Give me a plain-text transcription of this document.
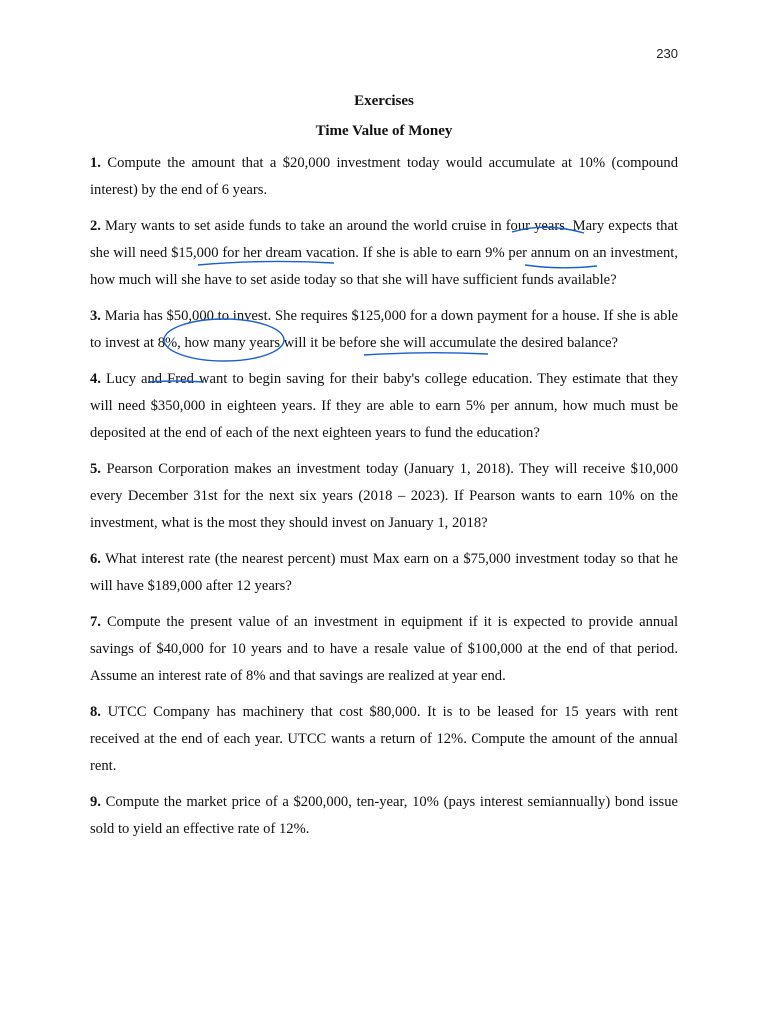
230
Exercises
Time Value of Money

1. Compute the amount that a $20,000 investment today would accumulate at 10% (compound interest) by the end of 6 years.

2. Mary wants to set aside funds to take an around the world cruise in four years. Mary expects that she will need $15,000 for her dream vacation. If she is able to earn 9% per annum on an investment, how much will she have to set aside today so that she will have sufficient funds available?

3. Maria has $50,000 to invest. She requires $125,000 for a down payment for a house. If she is able to invest at 8%, how many years will it be before she will accumulate the desired balance?

4. Lucy and Fred want to begin saving for their baby's college education. They estimate that they will need $350,000 in eighteen years. If they are able to earn 5% per annum, how much must be deposited at the end of each of the next eighteen years to fund the education?

5. Pearson Corporation makes an investment today (January 1, 2018). They will receive $10,000 every December 31st for the next six years (2018 – 2023). If Pearson wants to earn 10% on the investment, what is the most they should invest on January 1, 2018?

6. What interest rate (the nearest percent) must Max earn on a $75,000 investment today so that he will have $189,000 after 12 years?

7. Compute the present value of an investment in equipment if it is expected to provide annual savings of $40,000 for 10 years and to have a resale value of $100,000 at the end of that period. Assume an interest rate of 8% and that savings are realized at year end.

8. UTCC Company has machinery that cost $80,000. It is to be leased for 15 years with rent received at the end of each year. UTCC wants a return of 12%. Compute the amount of the annual rent.

9. Compute the market price of a $200,000, ten-year, 10% (pays interest semiannually) bond issue sold to yield an effective rate of 12%.
